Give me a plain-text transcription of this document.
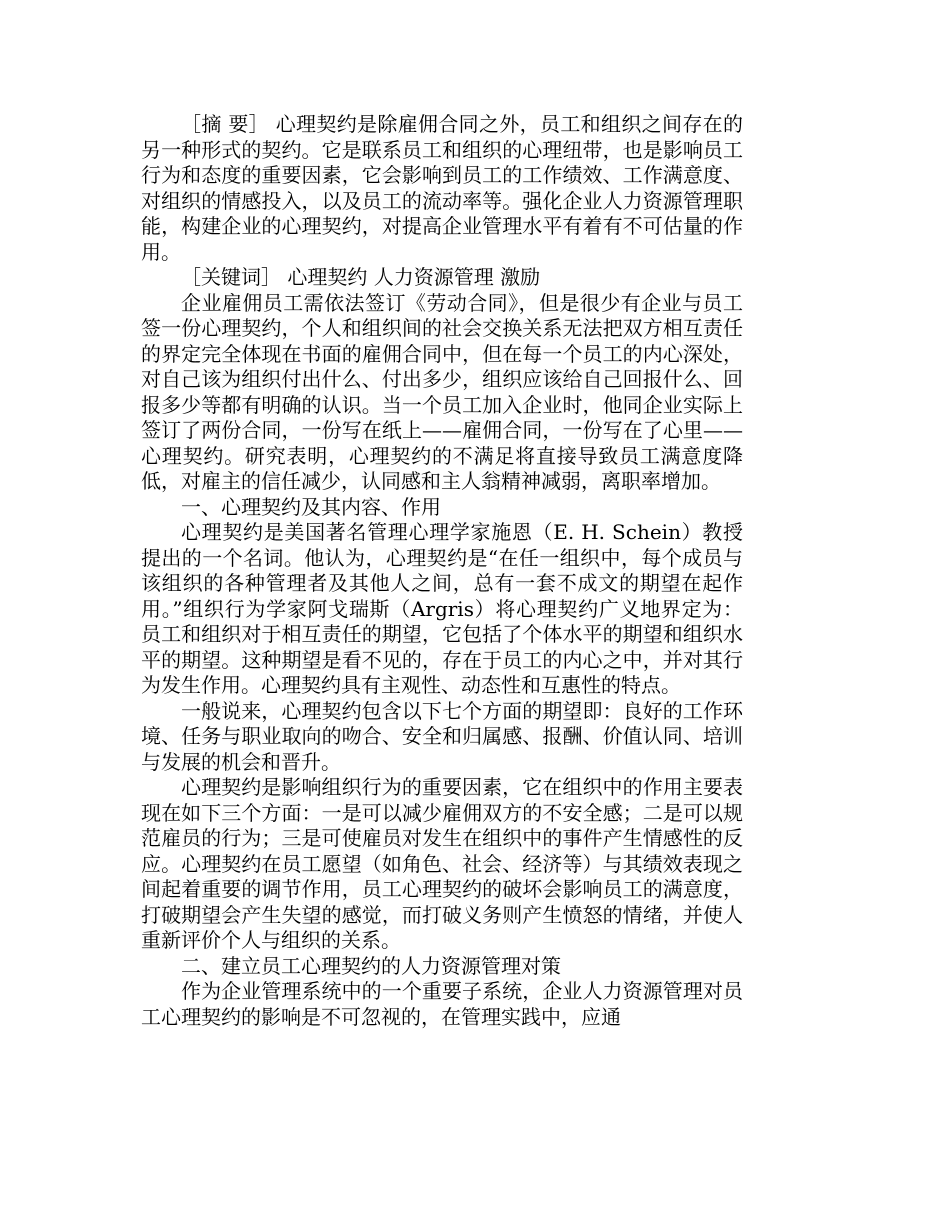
［摘 要］ 心理契约是除雇佣合同之外，员工和组织之间存在的另一种形式的契约。它是联系员工和组织的心理纽带，也是影响员工行为和态度的重要因素，它会影响到员工的工作绩效、工作满意度、对组织的情感投入，以及员工的流动率等。强化企业人力资源管理职能，构建企业的心理契约，对提高企业管理水平有着有不可估量的作用。

［关键词］ 心理契约 人力资源管理 激励

企业雇佣员工需依法签订《劳动合同》，但是很少有企业与员工签一份心理契约，个人和组织间的社会交换关系无法把双方相互责任的界定完全体现在书面的雇佣合同中，但在每一个员工的内心深处，对自己该为组织付出什么、付出多少，组织应该给自己回报什么、回报多少等都有明确的认识。当一个员工加入企业时，他同企业实际上签订了两份合同，一份写在纸上——雇佣合同，一份写在了心里——心理契约。研究表明，心理契约的不满足将直接导致员工满意度降低，对雇主的信任减少，认同感和主人翁精神减弱，离职率增加。

一、心理契约及其内容、作用

心理契约是美国著名管理心理学家施恩（E. H. Schein）教授提出的一个名词。他认为，心理契约是“在任一组织中，每个成员与该组织的各种管理者及其他人之间，总有一套不成文的期望在起作用。”组织行为学家阿戈瑞斯（Argris）将心理契约广义地界定为：员工和组织对于相互责任的期望，它包括了个体水平的期望和组织水平的期望。这种期望是看不见的，存在于员工的内心之中，并对其行为发生作用。心理契约具有主观性、动态性和互惠性的特点。

一般说来，心理契约包含以下七个方面的期望即：良好的工作环境、任务与职业取向的吻合、安全和归属感、报酬、价值认同、培训与发展的机会和晋升。

心理契约是影响组织行为的重要因素，它在组织中的作用主要表现在如下三个方面：一是可以减少雇佣双方的不安全感；二是可以规范雇员的行为；三是可使雇员对发生在组织中的事件产生情感性的反应。心理契约在员工愿望（如角色、社会、经济等）与其绩效表现之间起着重要的调节作用，员工心理契约的破坏会影响员工的满意度，打破期望会产生失望的感觉，而打破义务则产生愤怒的情绪，并使人重新评价个人与组织的关系。

二、建立员工心理契约的人力资源管理对策

作为企业管理系统中的一个重要子系统，企业人力资源管理对员工心理契约的影响是不可忽视的，在管理实践中，应通
